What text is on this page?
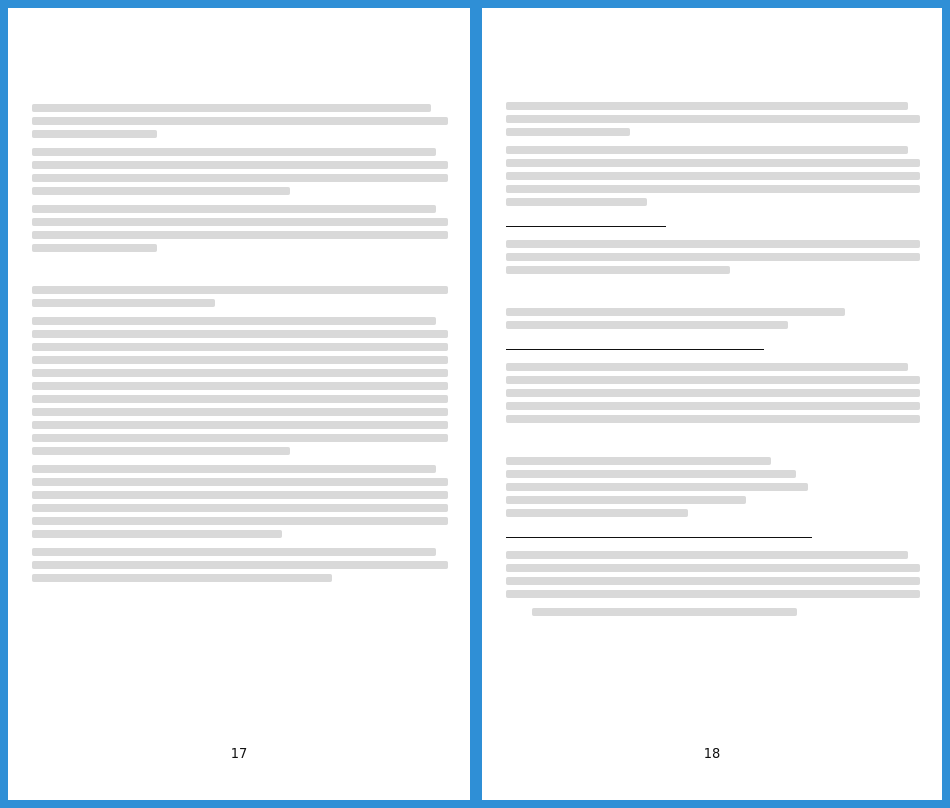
17	18
